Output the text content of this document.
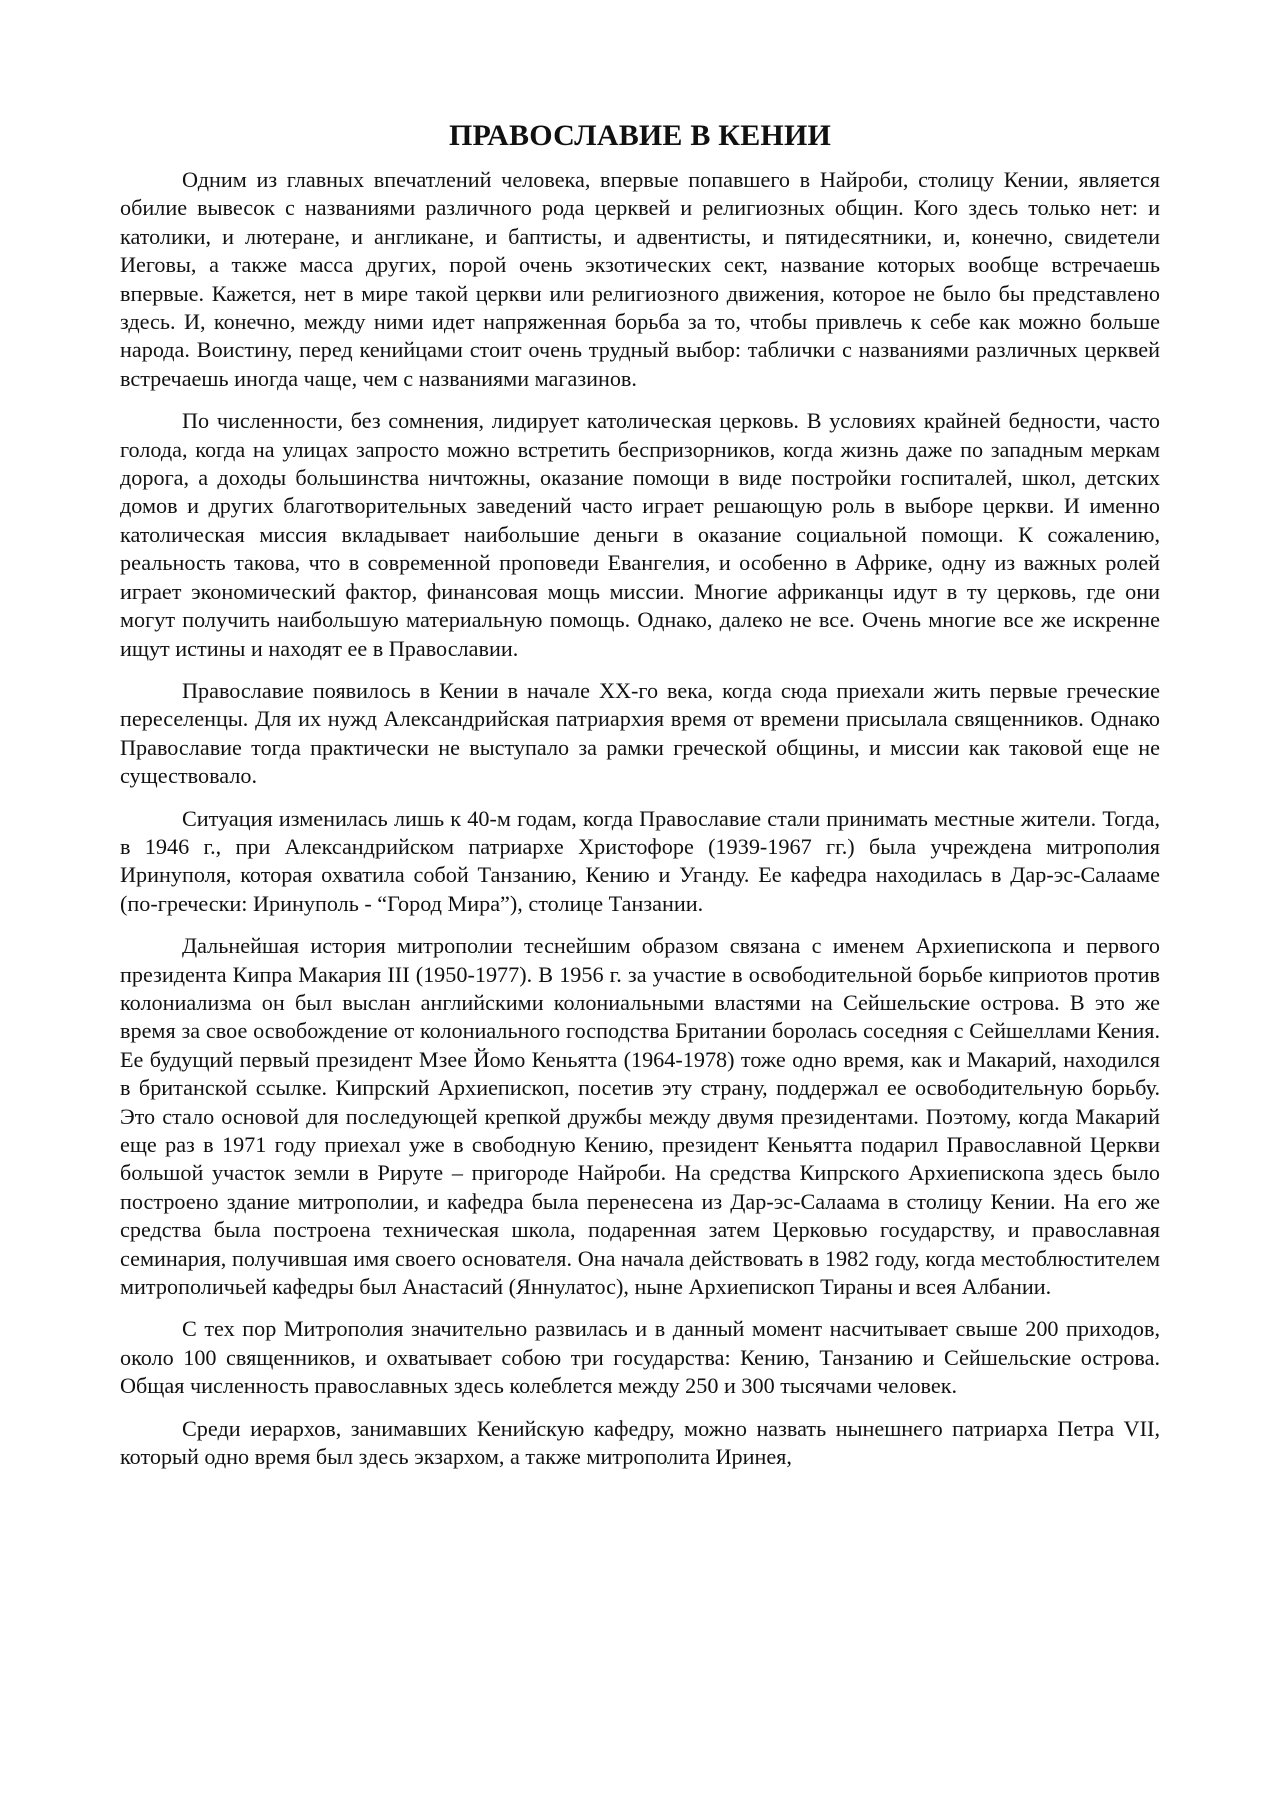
ПРАВОСЛАВИЕ В КЕНИИ

Одним из главных впечатлений человека, впервые попавшего в Найроби, столицу Кении, является обилие вывесок с названиями различного рода церквей и религиозных общин. Кого здесь только нет: и католики, и лютеране, и англикане, и баптисты, и адвентисты, и пятидесятники, и, конечно, свидетели Иеговы, а также масса других, порой очень экзотических сект, название которых вообще встречаешь впервые. Кажется, нет в мире такой церкви или религиозного движения, которое не было бы представлено здесь. И, конечно, между ними идет напряженная борьба за то, чтобы привлечь к себе как можно больше народа. Воистину, перед кенийцами стоит очень трудный выбор: таблички с названиями различных церквей встречаешь иногда чаще, чем с названиями магазинов.

По численности, без сомнения, лидирует католическая церковь. В условиях крайней бедности, часто голода, когда на улицах запросто можно встретить беспризорников, когда жизнь даже по западным меркам дорога, а доходы большинства ничтожны, оказание помощи в виде постройки госпиталей, школ, детских домов и других благотворительных заведений часто играет решающую роль в выборе церкви. И именно католическая миссия вкладывает наибольшие деньги в оказание социальной помощи. К сожалению, реальность такова, что в современной проповеди Евангелия, и особенно в Африке, одну из важных ролей играет экономический фактор, финансовая мощь миссии. Многие африканцы идут в ту церковь, где они могут получить наибольшую материальную помощь. Однако, далеко не все. Очень многие все же искренне ищут истины и находят ее в Православии.

Православие появилось в Кении в начале XX-го века, когда сюда приехали жить первые греческие переселенцы. Для их нужд Александрийская патриархия время от времени присылала священников. Однако Православие тогда практически не выступало за рамки греческой общины, и миссии как таковой еще не существовало.

Ситуация изменилась лишь к 40-м годам, когда Православие стали принимать местные жители. Тогда, в 1946 г., при Александрийском патриархе Христофоре (1939-1967 гг.) была учреждена митрополия Иринуполя, которая охватила собой Танзанию, Кению и Уганду. Ее кафедра находилась в Дар-эс-Салааме (по-гречески: Иринуполь - “Город Мира”), столице Танзании.

Дальнейшая история митрополии теснейшим образом связана с именем Архиепископа и первого президента Кипра Макария III (1950-1977). В 1956 г. за участие в освободительной борьбе киприотов против колониализма он был выслан английскими колониальными властями на Сейшельские острова. В это же время за свое освобождение от колониального господства Британии боролась соседняя с Сейшеллами Кения. Ее будущий первый президент Мзее Йомо Кеньятта (1964-1978) тоже одно время, как и Макарий, находился в британской ссылке. Кипрский Архиепископ, посетив эту страну, поддержал ее освободительную борьбу. Это стало основой для последующей крепкой дружбы между двумя президентами. Поэтому, когда Макарий еще раз в 1971 году приехал уже в свободную Кению, президент Кеньятта подарил Православной Церкви большой участок земли в Рируте – пригороде Найроби. На средства Кипрского Архиепископа здесь было построено здание митрополии, и кафедра была перенесена из Дар-эс-Салаама в столицу Кении. На его же средства была построена техническая школа, подаренная затем Церковью государству, и православная семинария, получившая имя своего основателя. Она начала действовать в 1982 году, когда местоблюстителем митрополичьей кафедры был Анастасий (Яннулатос), ныне Архиепископ Тираны и всея Албании.

С тех пор Митрополия значительно развилась и в данный момент насчитывает свыше 200 приходов, около 100 священников, и охватывает собою три государства: Кению, Танзанию и Сейшельские острова. Общая численность православных здесь колеблется между 250 и 300 тысячами человек.

Среди иерархов, занимавших Кенийскую кафедру, можно назвать нынешнего патриарха Петра VII, который одно время был здесь экзархом, а также митрополита Иринея,
